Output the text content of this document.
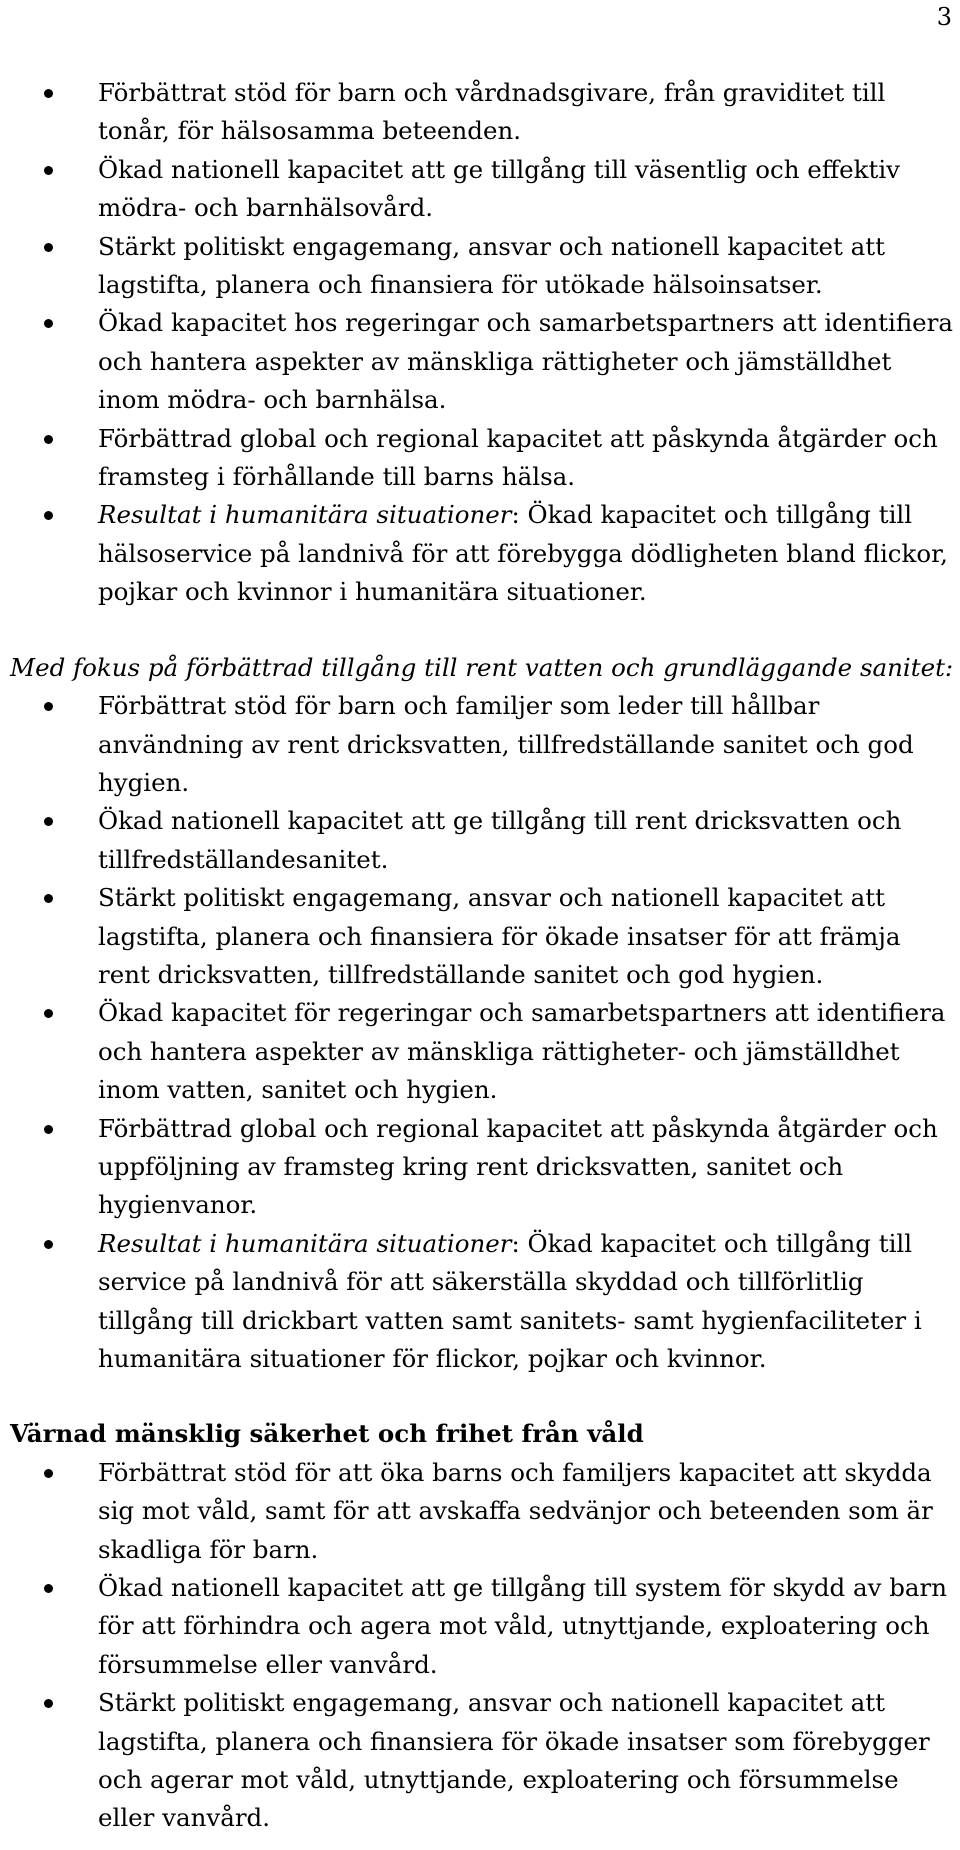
3
Förbättrat stöd för barn och vårdnadsgivare, från graviditet till tonår, för hälsosamma beteenden.
Ökad nationell kapacitet att ge tillgång till väsentlig och effektiv mödra- och barnhälsovård.
Stärkt politiskt engagemang, ansvar och nationell kapacitet att lagstifta, planera och finansiera för utökade hälsoinsatser.
Ökad kapacitet hos regeringar och samarbetspartners att identifiera och hantera aspekter av mänskliga rättigheter och jämställdhet inom mödra- och barnhälsa.
Förbättrad global och regional kapacitet att påskynda åtgärder och framsteg i förhållande till barns hälsa.
Resultat i humanitära situationer: Ökad kapacitet och tillgång till hälsoservice på landnivå för att förebygga dödligheten bland flickor, pojkar och kvinnor i humanitära situationer.
Med fokus på förbättrad tillgång till rent vatten och grundläggande sanitet:
Förbättrat stöd för barn och familjer som leder till hållbar användning av rent dricksvatten, tillfredställande sanitet och god hygien.
Ökad nationell kapacitet att ge tillgång till rent dricksvatten och tillfredställandesanitet.
Stärkt politiskt engagemang, ansvar och nationell kapacitet att lagstifta, planera och finansiera för ökade insatser för att främja rent dricksvatten, tillfredställande sanitet och god hygien.
Ökad kapacitet för regeringar och samarbetspartners att identifiera och hantera aspekter av mänskliga rättigheter- och jämställdhet inom vatten, sanitet och hygien.
Förbättrad global och regional kapacitet att påskynda åtgärder och uppföljning av framsteg kring rent dricksvatten, sanitet och hygienvanor.
Resultat i humanitära situationer: Ökad kapacitet och tillgång till service på landnivå för att säkerställa skyddad och tillförlitlig tillgång till drickbart vatten samt sanitets- samt hygienfaciliteter i humanitära situationer för flickor, pojkar och kvinnor.
Värnad mänsklig säkerhet och frihet från våld
Förbättrat stöd för att öka barns och familjers kapacitet att skydda sig mot våld, samt för att avskaffa sedvänjor och beteenden som är skadliga för barn.
Ökad nationell kapacitet att ge tillgång till system för skydd av barn för att förhindra och agera mot våld, utnyttjande, exploatering och försummelse eller vanvård.
Stärkt politiskt engagemang, ansvar och nationell kapacitet att lagstifta, planera och finansiera för ökade insatser som förebygger och agerar mot våld, utnyttjande, exploatering och försummelse eller vanvård.
